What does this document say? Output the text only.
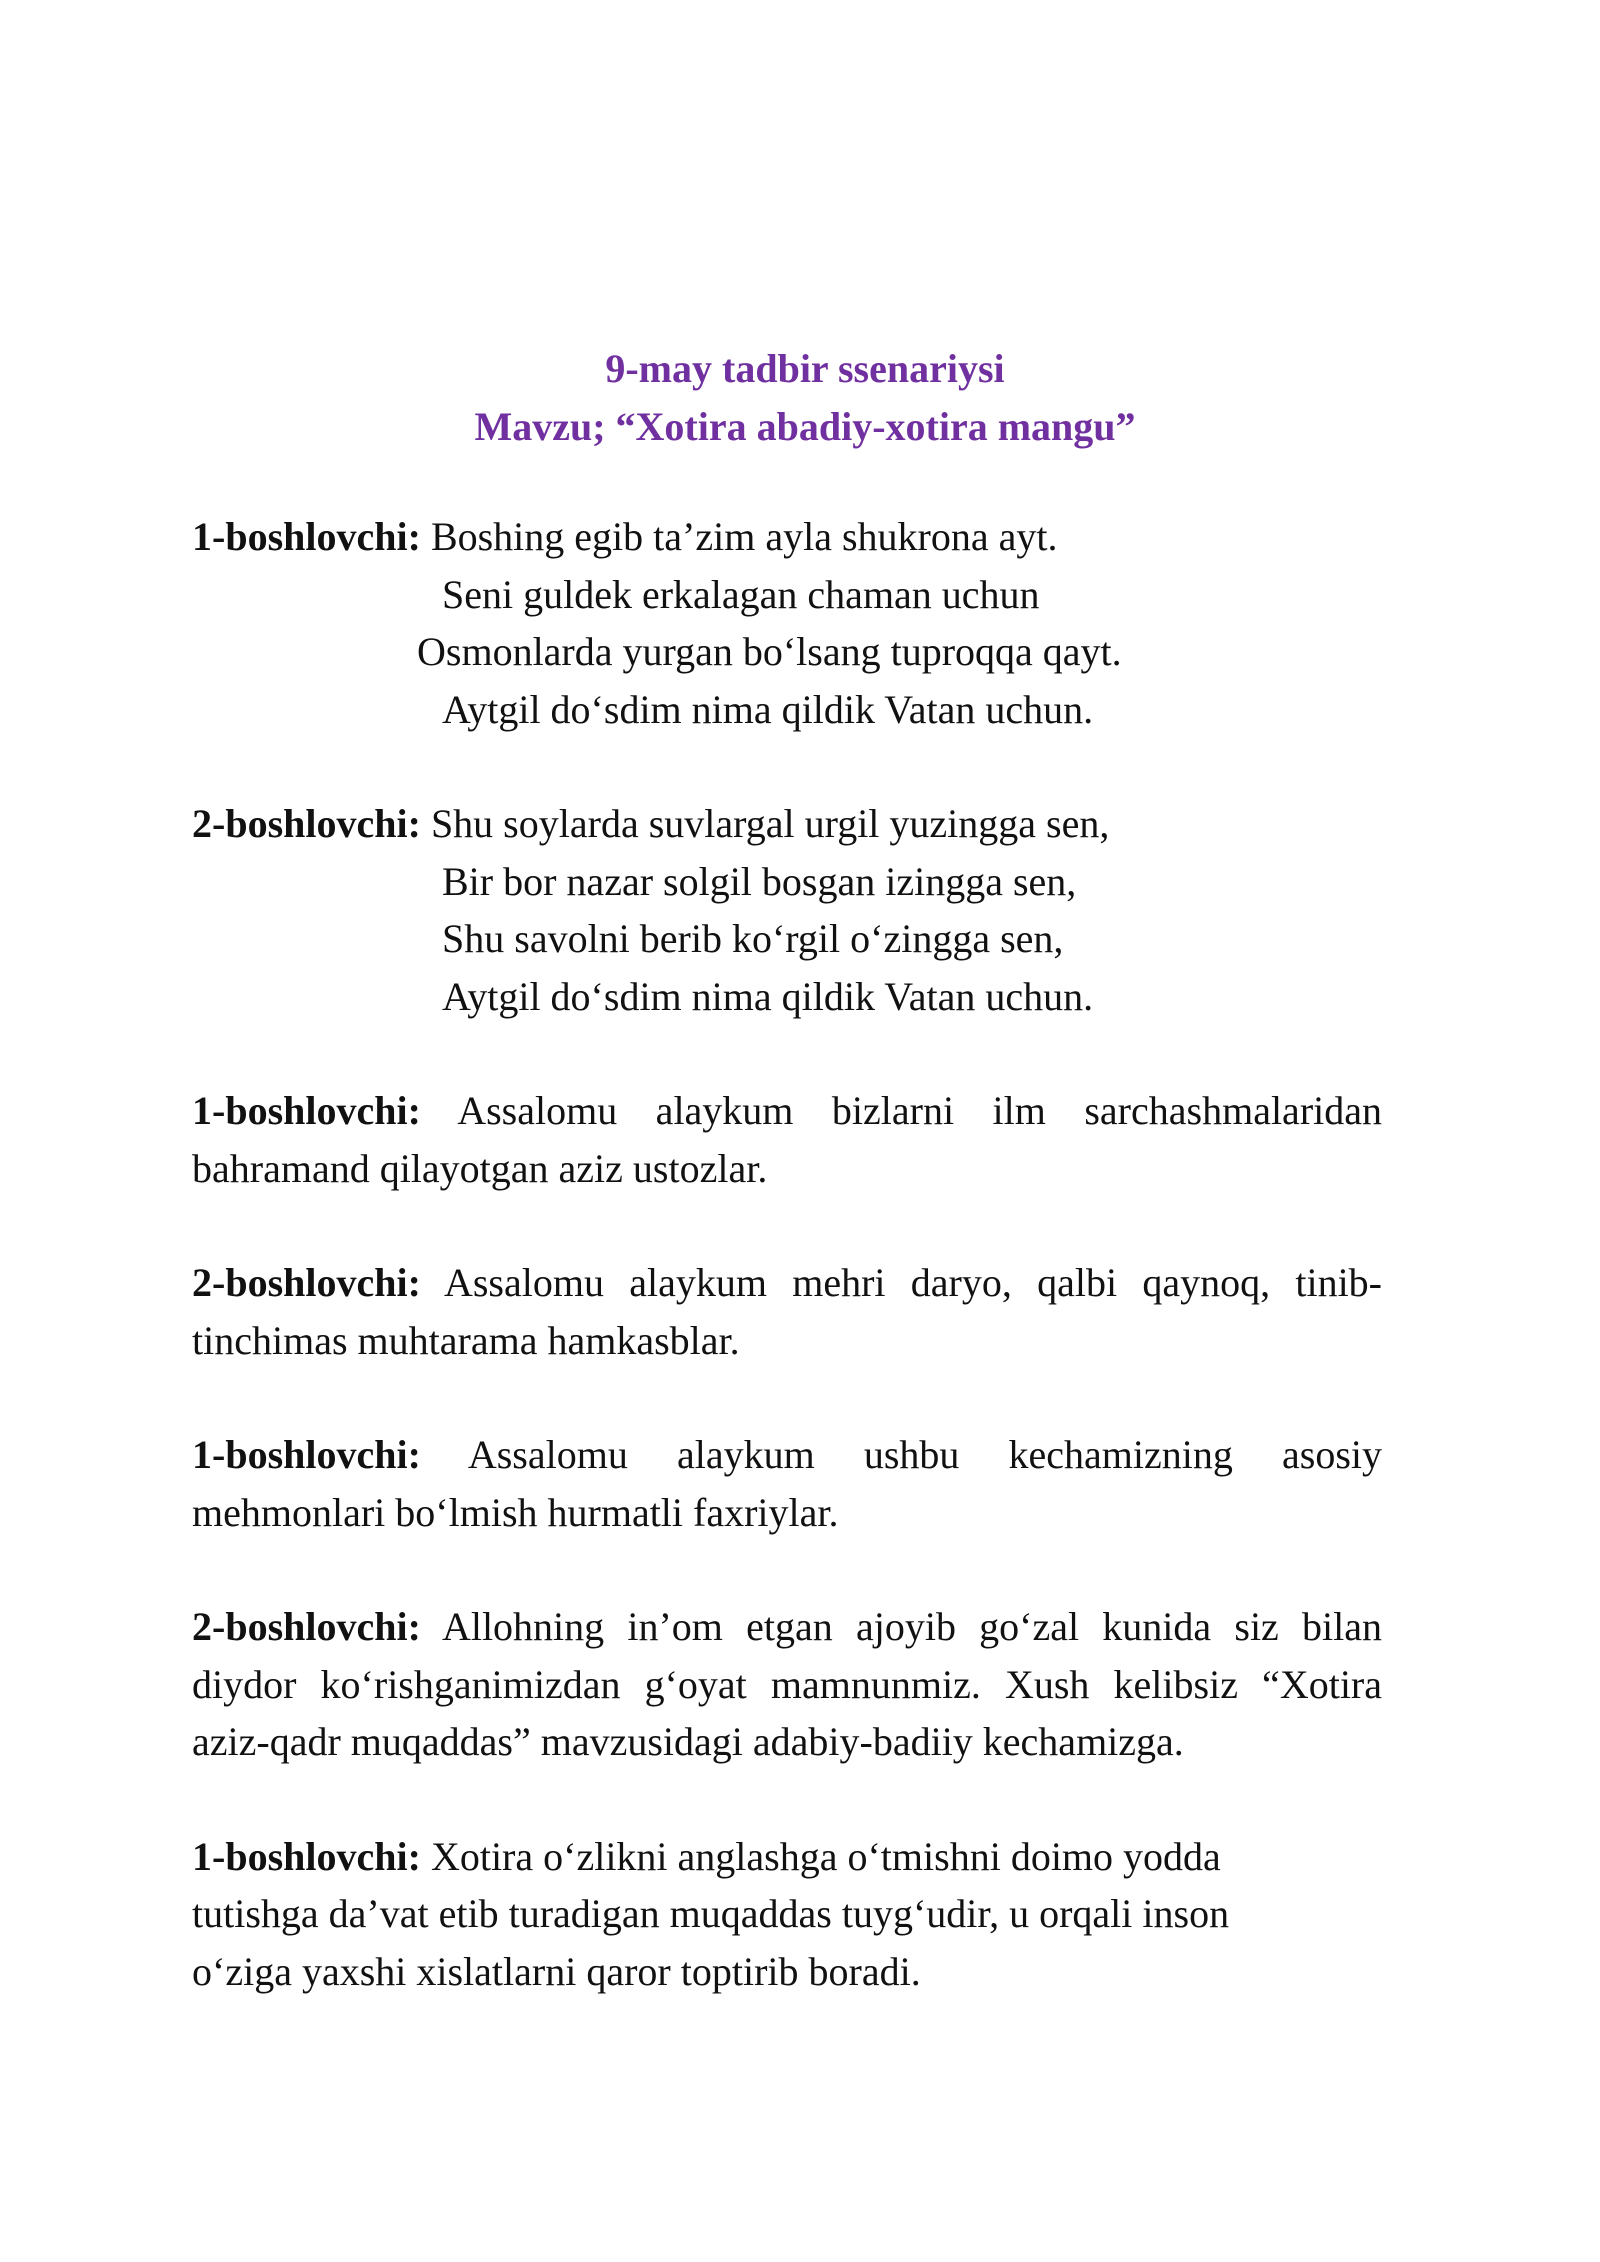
9-may tadbir ssenariysi
Mavzu; “Xotira abadiy-xotira mangu”
1-boshlovchi: Boshing egib ta’zim ayla shukrona ayt.
Seni guldek erkalagan chaman uchun
Osmonlarda yurgan bo‘lsang tuproqqa qayt.
Aytgil do‘sdim nima qildik Vatan uchun.
2-boshlovchi: Shu soylarda suvlargal urgil yuzingga sen,
Bir bor nazar solgil bosgan izingga sen,
Shu savolni berib ko‘rgil o‘zingga sen,
Aytgil do‘sdim nima qildik Vatan uchun.

1-boshlovchi: Assalomu alaykum bizlarni ilm sarchashmalaridan bahramand qilayotgan aziz ustozlar.

2-boshlovchi: Assalomu alaykum mehri daryo, qalbi qaynoq, tinib-tinchimas muhtarama hamkasblar.

1-boshlovchi: Assalomu alaykum ushbu kechamizning asosiy mehmonlari bo‘lmish hurmatli faxriylar.

2-boshlovchi: Allohning in’om etgan ajoyib go‘zal kunida siz bilan diydor ko‘rishganimizdan g‘oyat mamnunmiz. Xush kelibsiz “Xotira aziz-qadr muqaddas” mavzusidagi adabiy-badiiy kechamizga.

1-boshlovchi: Xotira o‘zlikni anglashga o‘tmishni doimo yodda
tutishga da’vat etib turadigan muqaddas tuyg‘udir, u orqali inson
o‘ziga yaxshi xislatlarni qaror toptirib boradi.
